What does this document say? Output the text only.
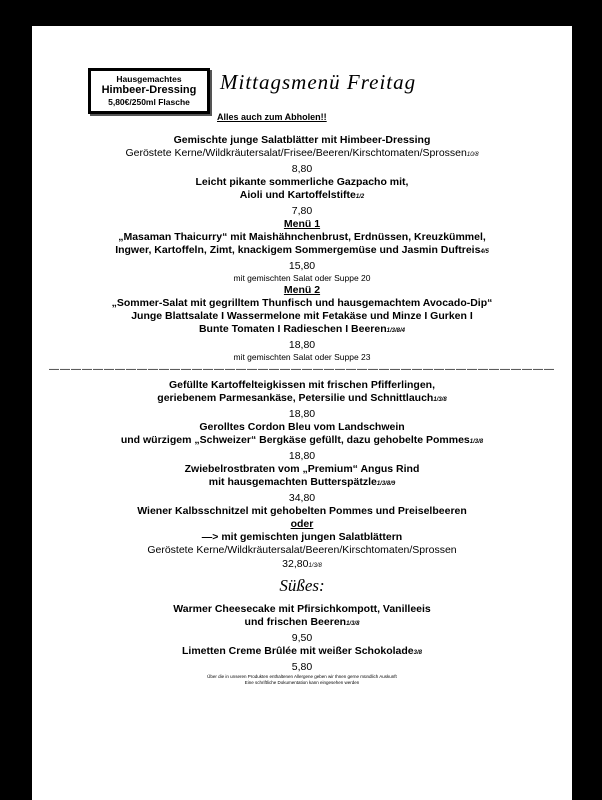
Hausgemachtes
Himbeer-Dressing
5,80€/250ml Flasche
Mittagsmenü Freitag
Alles auch zum Abholen!!
Gemischte junge Salatblätter mit Himbeer-Dressing
Geröstete Kerne/Wildkräutersalat/Frisee/Beeren/Kirschtomaten/Sprossen10/8
8,80
Leicht pikante sommerliche Gazpacho mit,
Aioli und Kartoffelstifte1/2
7,80
Menü 1
„Masaman Thaicurry“ mit Maishähnchenbrust, Erdnüssen, Kreuzkümmel,
Ingwer, Kartoffeln, Zimt, knackigem Sommergemüse und Jasmin Duftreis4/5
15,80
mit gemischten Salat oder Suppe 20
Menü 2
„Sommer-Salat mit gegrilltem Thunfisch und hausgemachtem Avocado-Dip“
Junge Blattsalate I Wassermelone mit Fetakäse und Minze I Gurken I
Bunte Tomaten I Radieschen I Beeren1/3/8/4
18,80
mit gemischten Salat oder Suppe 23
——————————————————————————————————————————————
Gefüllte Kartoffelteigkissen mit frischen Pfifferlingen,
geriebenem Parmesankäse, Petersilie und Schnittlauch1/3/8
18,80
Gerolltes Cordon Bleu vom Landschwein
und würzigem „Schweizer“ Bergkäse gefüllt, dazu gehobelte Pommes1/3/8
18,80
Zwiebelrostbraten vom „Premium“ Angus Rind
mit hausgemachten Butterspätzle1/3/8/9
34,80
Wiener Kalbsschnitzel mit gehobelten Pommes und Preiselbeeren
oder
—> mit gemischten jungen Salatblättern
Geröstete Kerne/Wildkräutersalat/Beeren/Kirschtomaten/Sprossen
32,801/3/8
Süßes:
Warmer Cheesecake mit Pfirsichkompott, Vanilleeis
und frischen Beeren1/3/8
9,50
Limetten Creme Brûlée mit weißer Schokolade3/8
5,80
Über die in unseren Produkten enthaltenen Allergene geben wir Ihnen gerne mündlich Auskunft
Eine schriftliche Dokumentation kann eingesehen werden
